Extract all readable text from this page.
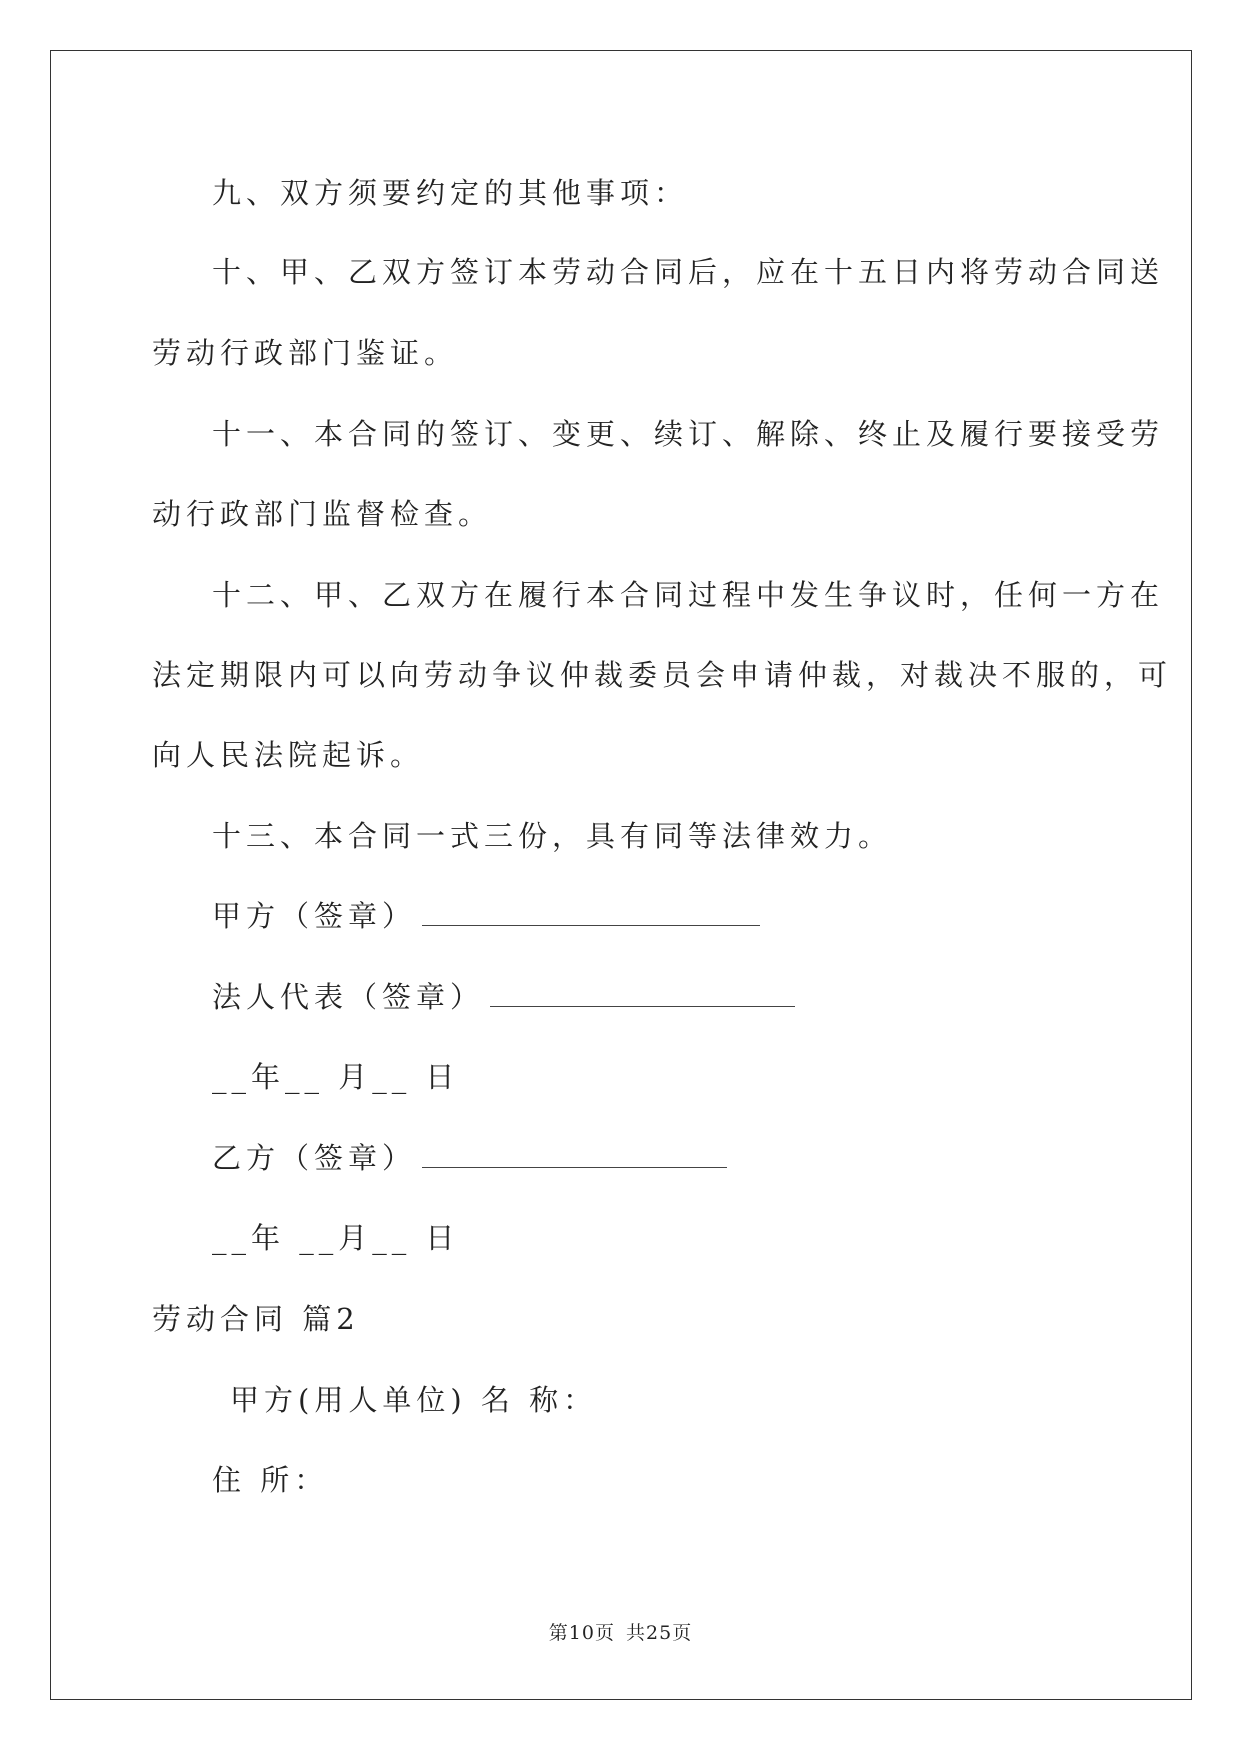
九、双方须要约定的其他事项：
十、甲、乙双方签订本劳动合同后，应在十五日内将劳动合同送
劳动行政部门鉴证。
十一、本合同的签订、变更、续订、解除、终止及履行要接受劳
动行政部门监督检查。
十二、甲、乙双方在履行本合同过程中发生争议时，任何一方在
法定期限内可以向劳动争议仲裁委员会申请仲裁，对裁决不服的，可
向人民法院起诉。
十三、本合同一式三份，具有同等法律效力。
甲方（签章）
法人代表（签章）
__年__ 月__ 日
乙方（签章）
__年 __月__ 日
劳动合同 篇2
甲方(用人单位) 名 称：
住 所：
第10页 共25页
